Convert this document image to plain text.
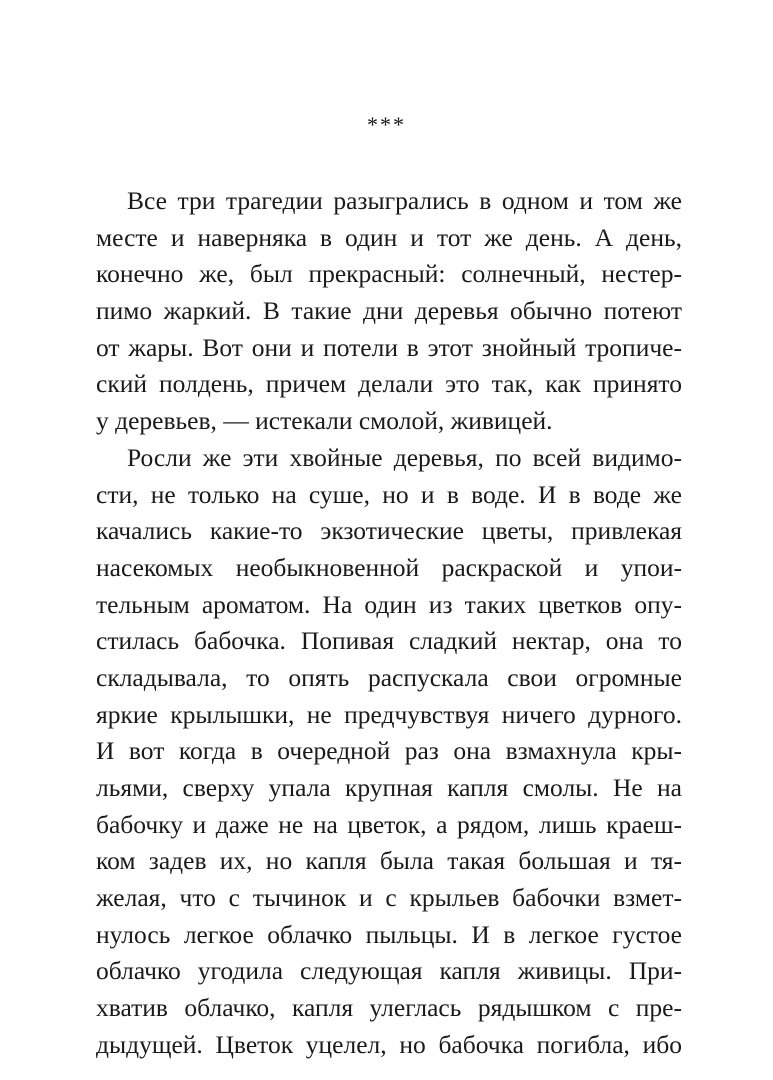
***
Все три трагедии разыгрались в одном и том же
месте и наверняка в один и тот же день. А день,
конечно же, был прекрасный: солнечный, нестер-
пимо жаркий. В такие дни деревья обычно потеют
от жары. Вот они и потели в этот знойный тропиче-
ский полдень, причем делали это так, как принято
у деревьев, — истекали смолой, живицей.
Росли же эти хвойные деревья, по всей видимо-
сти, не только на суше, но и в воде. И в воде же
качались какие-то экзотические цветы, привлекая
насекомых необыкновенной раскраской и упои-
тельным ароматом. На один из таких цветков опу-
стилась бабочка. Попивая сладкий нектар, она то
складывала, то опять распускала свои огромные
яркие крылышки, не предчувствуя ничего дурного.
И вот когда в очередной раз она взмахнула кры-
льями, сверху упала крупная капля смолы. Не на
бабочку и даже не на цветок, а рядом, лишь краеш-
ком задев их, но капля была такая большая и тя-
желая, что с тычинок и с крыльев бабочки взмет-
нулось легкое облачко пыльцы. И в легкое густое
облачко угодила следующая капля живицы. При-
хватив облачко, капля улеглась рядышком с пре-
дыдущей. Цветок уцелел, но бабочка погибла, ибо
